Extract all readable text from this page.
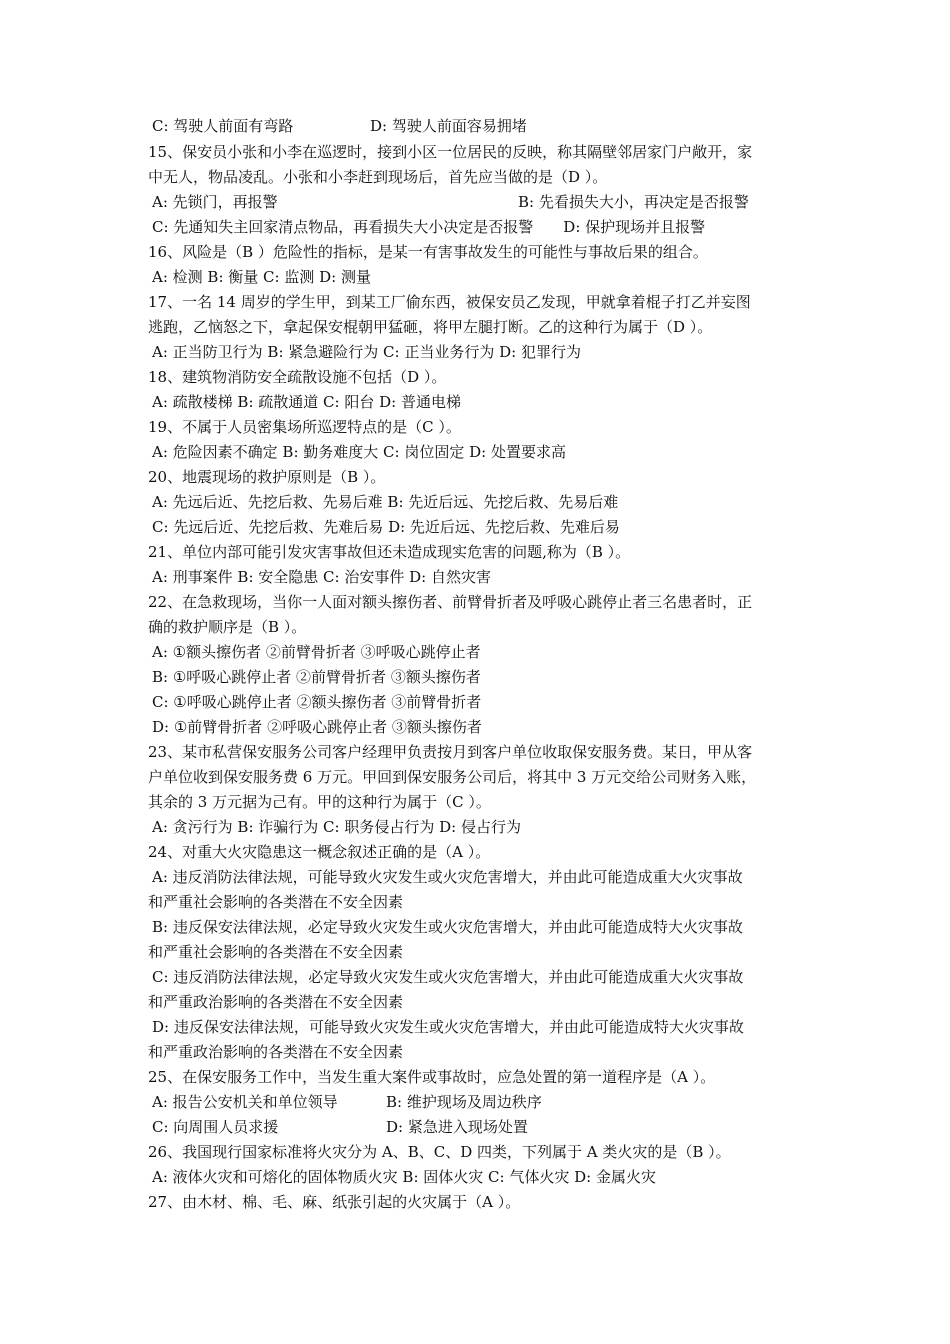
C: 驾驶人前面有弯路	D: 驾驶人前面容易拥堵
15、保安员小张和小李在巡逻时，接到小区一位居民的反映，称其隔壁邻居家门户敞开，家
中无人，物品凌乱。小张和小李赶到现场后，首先应当做的是（D ）。
A: 先锁门，再报警	B: 先看损失大小，再决定是否报警
C: 先通知失主回家清点物品，再看损失大小决定是否报警　　D: 保护现场并且报警
16、风险是（B ）危险性的指标，是某一有害事故发生的可能性与事故后果的组合。
A: 检测 B: 衡量 C: 监测 D: 测量
17、一名 14 周岁的学生甲，到某工厂偷东西，被保安员乙发现，甲就拿着棍子打乙并妄图
逃跑，乙恼怒之下，拿起保安棍朝甲猛砸，将甲左腿打断。乙的这种行为属于（D ）。
A: 正当防卫行为 B: 紧急避险行为 C: 正当业务行为 D: 犯罪行为
18、建筑物消防安全疏散设施不包括（D ）。
A: 疏散楼梯 B: 疏散通道 C: 阳台 D: 普通电梯
19、不属于人员密集场所巡逻特点的是（C ）。
A: 危险因素不确定 B: 勤务难度大 C: 岗位固定 D: 处置要求高
20、地震现场的救护原则是（B ）。
A: 先远后近、先挖后救、先易后难 B: 先近后远、先挖后救、先易后难
C: 先远后近、先挖后救、先难后易 D: 先近后远、先挖后救、先难后易
21、单位内部可能引发灾害事故但还未造成现实危害的问题,称为（B ）。
A: 刑事案件 B: 安全隐患 C: 治安事件 D: 自然灾害
22、在急救现场，当你一人面对额头擦伤者、前臂骨折者及呼吸心跳停止者三名患者时，正
确的救护顺序是（B ）。
A: ①额头擦伤者 ②前臂骨折者 ③呼吸心跳停止者
B: ①呼吸心跳停止者 ②前臂骨折者 ③额头擦伤者
C: ①呼吸心跳停止者 ②额头擦伤者 ③前臂骨折者
D: ①前臂骨折者 ②呼吸心跳停止者 ③额头擦伤者
23、某市私营保安服务公司客户经理甲负责按月到客户单位收取保安服务费。某日，甲从客
户单位收到保安服务费 6 万元。甲回到保安服务公司后，将其中 3 万元交给公司财务入账，
其余的 3 万元据为己有。甲的这种行为属于（C ）。
A: 贪污行为 B: 诈骗行为 C: 职务侵占行为 D: 侵占行为
24、对重大火灾隐患这一概念叙述正确的是（A ）。
A: 违反消防法律法规，可能导致火灾发生或火灾危害增大，并由此可能造成重大火灾事故
和严重社会影响的各类潜在不安全因素
B: 违反保安法律法规，必定导致火灾发生或火灾危害增大，并由此可能造成特大火灾事故
和严重社会影响的各类潜在不安全因素
C: 违反消防法律法规，必定导致火灾发生或火灾危害增大，并由此可能造成重大火灾事故
和严重政治影响的各类潜在不安全因素
D: 违反保安法律法规，可能导致火灾发生或火灾危害增大，并由此可能造成特大火灾事故
和严重政治影响的各类潜在不安全因素
25、在保安服务工作中，当发生重大案件或事故时，应急处置的第一道程序是（A ）。
A: 报告公安机关和单位领导	B: 维护现场及周边秩序
C: 向周围人员求援	D: 紧急进入现场处置
26、我国现行国家标准将火灾分为 A、B、C、D 四类，下列属于 A 类火灾的是（B ）。
A: 液体火灾和可熔化的固体物质火灾 B: 固体火灾 C: 气体火灾 D: 金属火灾
27、由木材、棉、毛、麻、纸张引起的火灾属于（A ）。
